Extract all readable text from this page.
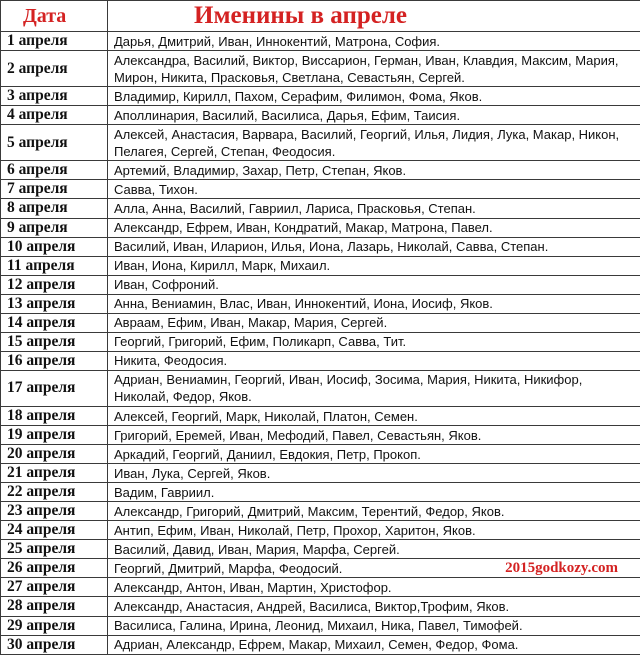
Дата	Именины в апреле
1 апреля	Дарья, Дмитрий, Иван, Иннокентий, Матрона, София.
2 апреля	Александра, Василий, Виктор, Виссарион, Герман, Иван, Клавдия, Максим, Мария, Мирон, Никита, Прасковья, Светлана, Севастьян, Сергей.
3 апреля	Владимир, Кирилл, Пахом, Серафим, Филимон, Фома, Яков.
4 апреля	Аполлинария, Василий, Василиса, Дарья, Ефим, Таисия.
5 апреля	Алексей, Анастасия, Варвара, Василий, Георгий, Илья, Лидия, Лука, Макар, Никон, Пелагея, Сергей, Степан, Феодосия.
6 апреля	Артемий, Владимир, Захар, Петр, Степан, Яков.
7 апреля	Савва, Тихон.
8 апреля	Алла, Анна, Василий, Гавриил, Лариса, Прасковья, Степан.
9 апреля	Александр, Ефрем, Иван, Кондратий, Макар, Матрона, Павел.
10 апреля	Василий, Иван, Иларион, Илья, Иона, Лазарь, Николай, Савва, Степан.
11 апреля	Иван, Иона, Кирилл, Марк, Михаил.
12 апреля	Иван, Софроний.
13 апреля	Анна, Вениамин, Влас, Иван, Иннокентий, Иона, Иосиф, Яков.
14 апреля	Авраам, Ефим, Иван, Макар, Мария, Сергей.
15 апреля	Георгий, Григорий, Ефим, Поликарп, Савва, Тит.
16 апреля	Никита, Феодосия.
17 апреля	Адриан, Вениамин, Георгий, Иван, Иосиф, Зосима, Мария, Никита, Никифор, Николай, Федор, Яков.
18 апреля	Алексей, Георгий, Марк, Николай, Платон, Семен.
19 апреля	Григорий, Еремей, Иван, Мефодий, Павел, Севастьян, Яков.
20 апреля	Аркадий, Георгий, Даниил, Евдокия, Петр, Прокоп.
21 апреля	Иван, Лука, Сергей, Яков.
22 апреля	Вадим, Гавриил.
23 апреля	Александр, Григорий, Дмитрий, Максим, Терентий, Федор, Яков.
24 апреля	Антип, Ефим, Иван, Николай, Петр, Прохор, Харитон, Яков.
25 апреля	Василий, Давид, Иван, Мария, Марфа, Сергей.
26 апреля	Георгий, Дмитрий, Марфа, Феодосий. 2015godkozy.com

27 апреля	Александр, Антон, Иван, Мартин, Христофор.
28 апреля	Александр, Анастасия, Андрей, Василиса, Виктор,Трофим, Яков.
29 апреля	Василиса, Галина, Ирина, Леонид, Михаил, Ника, Павел, Тимофей.
30 апреля	Адриан, Александр, Ефрем, Макар, Михаил, Семен, Федор, Фома.
